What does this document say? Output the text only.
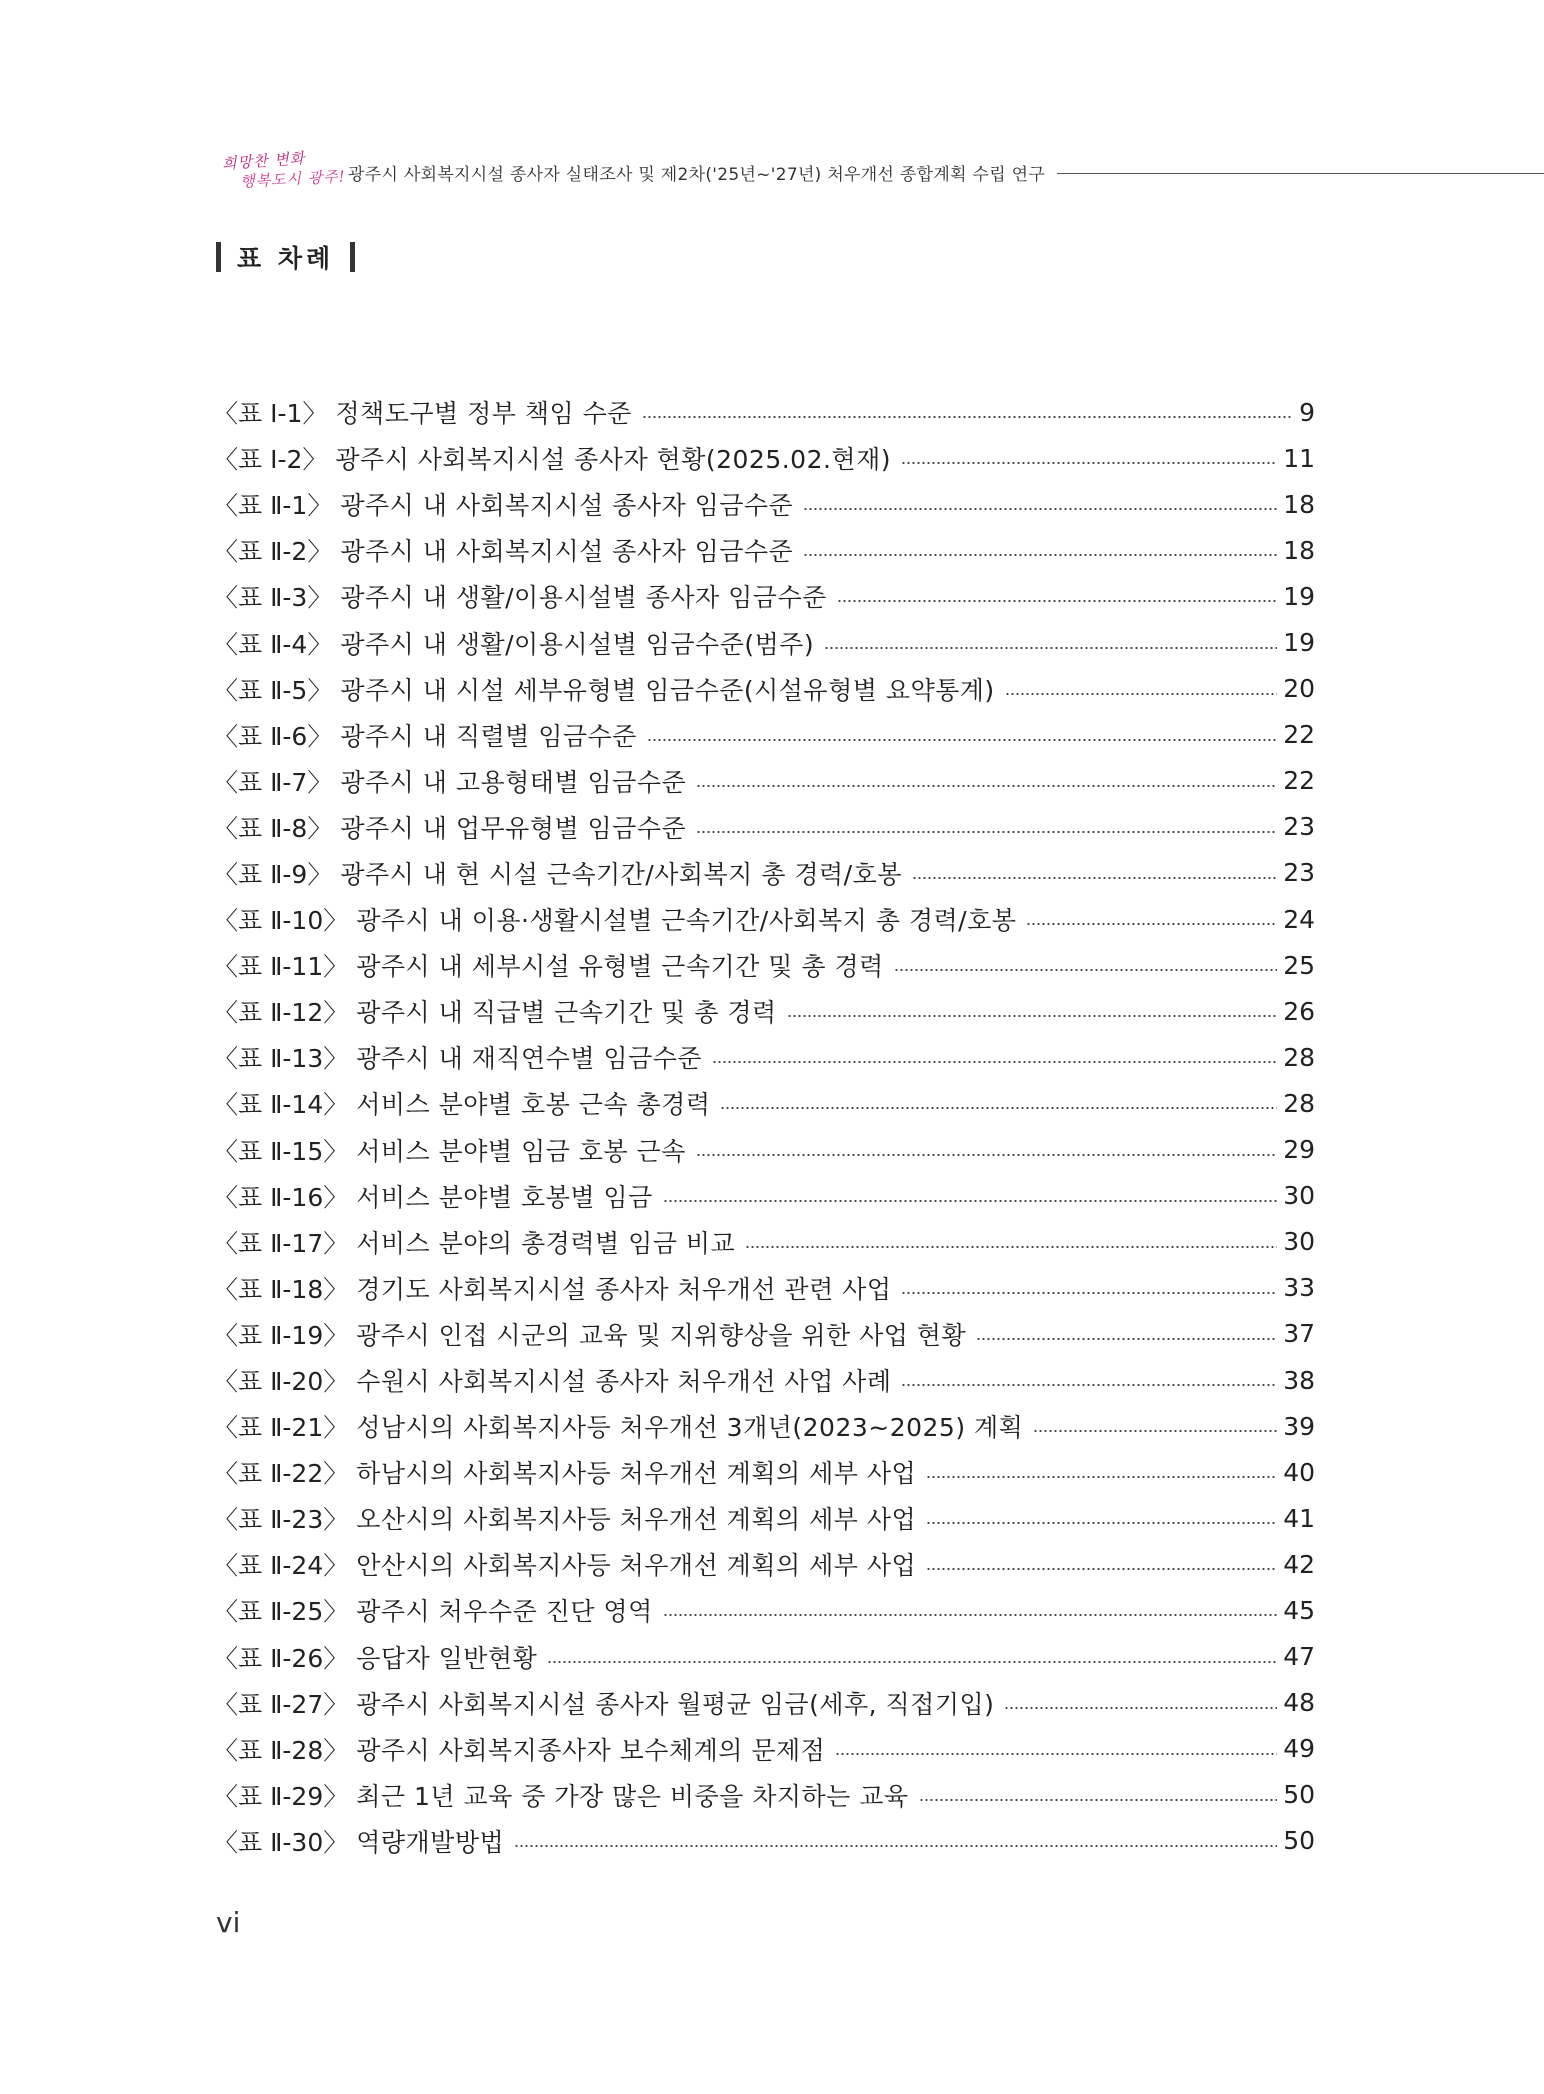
희망찬 변화
행복도시 광주! 광주시 사회복지시설 종사자 실태조사 및 제2차('25년~'27년) 처우개선 종합계획 수립 연구
표 차례
〈표 Ⅰ-1〉 정책도구별 정부 책임 수준	9
〈표 Ⅰ-2〉 광주시 사회복지시설 종사자 현황(2025.02.현재)	11
〈표 Ⅱ-1〉 광주시 내 사회복지시설 종사자 임금수준	18
〈표 Ⅱ-2〉 광주시 내 사회복지시설 종사자 임금수준	18
〈표 Ⅱ-3〉 광주시 내 생활/이용시설별 종사자 임금수준	19
〈표 Ⅱ-4〉 광주시 내 생활/이용시설별 임금수준(범주)	19
〈표 Ⅱ-5〉 광주시 내 시설 세부유형별 임금수준(시설유형별 요약통계)	20
〈표 Ⅱ-6〉 광주시 내 직렬별 임금수준	22
〈표 Ⅱ-7〉 광주시 내 고용형태별 임금수준	22
〈표 Ⅱ-8〉 광주시 내 업무유형별 임금수준	23
〈표 Ⅱ-9〉 광주시 내 현 시설 근속기간/사회복지 총 경력/호봉	23
〈표 Ⅱ-10〉 광주시 내 이용·생활시설별 근속기간/사회복지 총 경력/호봉	24
〈표 Ⅱ-11〉 광주시 내 세부시설 유형별 근속기간 및 총 경력	25
〈표 Ⅱ-12〉 광주시 내 직급별 근속기간 및 총 경력	26
〈표 Ⅱ-13〉 광주시 내 재직연수별 임금수준	28
〈표 Ⅱ-14〉 서비스 분야별 호봉 근속 총경력	28
〈표 Ⅱ-15〉 서비스 분야별 임금 호봉 근속	29
〈표 Ⅱ-16〉 서비스 분야별 호봉별 임금	30
〈표 Ⅱ-17〉 서비스 분야의 총경력별 임금 비교	30
〈표 Ⅱ-18〉 경기도 사회복지시설 종사자 처우개선 관련 사업	33
〈표 Ⅱ-19〉 광주시 인접 시군의 교육 및 지위향상을 위한 사업 현황	37
〈표 Ⅱ-20〉 수원시 사회복지시설 종사자 처우개선 사업 사례	38
〈표 Ⅱ-21〉 성남시의 사회복지사등 처우개선 3개년(2023~2025) 계획	39
〈표 Ⅱ-22〉 하남시의 사회복지사등 처우개선 계획의 세부 사업	40
〈표 Ⅱ-23〉 오산시의 사회복지사등 처우개선 계획의 세부 사업	41
〈표 Ⅱ-24〉 안산시의 사회복지사등 처우개선 계획의 세부 사업	42
〈표 Ⅱ-25〉 광주시 처우수준 진단 영역	45
〈표 Ⅱ-26〉 응답자 일반현황	47
〈표 Ⅱ-27〉 광주시 사회복지시설 종사자 월평균 임금(세후, 직접기입)	48
〈표 Ⅱ-28〉 광주시 사회복지종사자 보수체계의 문제점	49
〈표 Ⅱ-29〉 최근 1년 교육 중 가장 많은 비중을 차지하는 교육	50
〈표 Ⅱ-30〉 역량개발방법	50
vi
